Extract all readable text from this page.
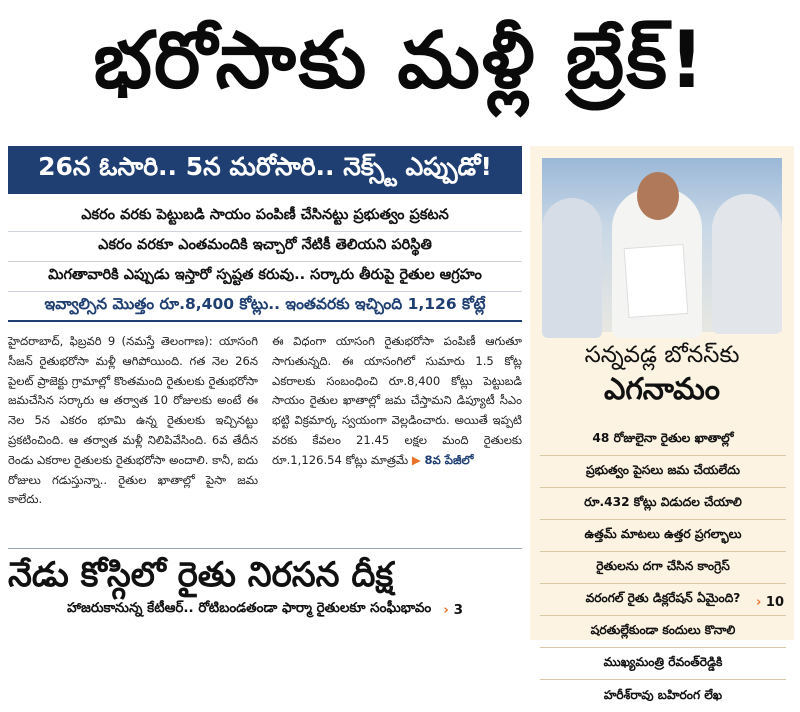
భరోసాకు మళ్లీ బ్రేక్!
26న ఓసారి.. 5న మరోసారి.. నెక్స్ట్ ఎప్పుడో!
ఎకరం వరకు పెట్టుబడి సాయం పంపిణీ చేసినట్టు ప్రభుత్వం ప్రకటన
ఎకరం వరకూ ఎంతమందికి ఇచ్చారో నేటికీ తెలియని పరిస్థితి
మిగతావారికి ఎప్పుడు ఇస్తారో స్పష్టత కరువు.. సర్కారు తీరుపై రైతుల ఆగ్రహం
ఇవ్వాల్సిన మొత్తం రూ.8,400 కోట్లు.. ఇంతవరకు ఇచ్చింది 1,126 కోట్లే
హైదరాబాద్, ఫిబ్రవరి 9 (నమస్తే తెలంగాణ): యాసంగి సీజన్ రైతుభరోసా మళ్లీ ఆగిపోయింది. గత నెల 26న పైలట్ ప్రాజెక్టు గ్రామాల్లో కొంతమంది రైతులకు రైతుభరోసా జమచేసిన సర్కారు ఆ తర్వాత 10 రోజులకు అంటే ఈ నెల 5న ఎకరం భూమి ఉన్న రైతులకు ఇచ్చినట్టు ప్రకటించింది. ఆ తర్వాత మళ్లీ నిలిపివేసింది. 6వ తేదీన రెండు ఎకరాల రైతులకు రైతుభరోసా అందాలి. కానీ, ఐదు రోజులు గడుస్తున్నా.. రైతుల ఖాతాల్లో పైసా జమ కాలేదు.
ఈ విధంగా యాసంగి రైతుభరోసా పంపిణీ ఆగుతూ సాగుతున్నది. ఈ యాసంగిలో సుమారు 1.5 కోట్ల ఎకరాలకు సంబంధించి రూ.8,400 కోట్లు పెట్టుబడి సాయం రైతుల ఖాతాల్లో జమ చేస్తామని డిప్యూటీ సీఎం భట్టి విక్రమార్క స్వయంగా వెల్లడించారు. అయితే ఇప్పటి వరకు కేవలం 21.45 లక్షల మంది రైతులకు రూ.1,126.54 కోట్లు మాత్రమే ▶ 8వ పేజీలో
నేడు కోస్గిలో రైతు నిరసన దీక్ష
హాజరుకానున్న కేటీఆర్.. రోటిబండతండా ఫార్మా రైతులకూ సంఘీభావం › 3
సన్నవడ్ల బోనస్‌కు
ఎగనామం
48 రోజులైనా రైతుల ఖాతాల్లో
ప్రభుత్వం పైసలు జమ చేయలేదు
రూ.432 కోట్లు విడుదల చేయాలి
ఉత్తమ్ మాటలు ఉత్తర ప్రగల్భాలు
రైతులను దగా చేసిన కాంగ్రెస్
వరంగల్ రైతు డిక్లరేషన్ ఏమైంది?
షరతుల్లేకుండా కందులు కొనాలి
ముఖ్యమంత్రి రేవంత్‌రెడ్డికి
హరీశ్‌రావు బహిరంగ లేఖ
› 10
